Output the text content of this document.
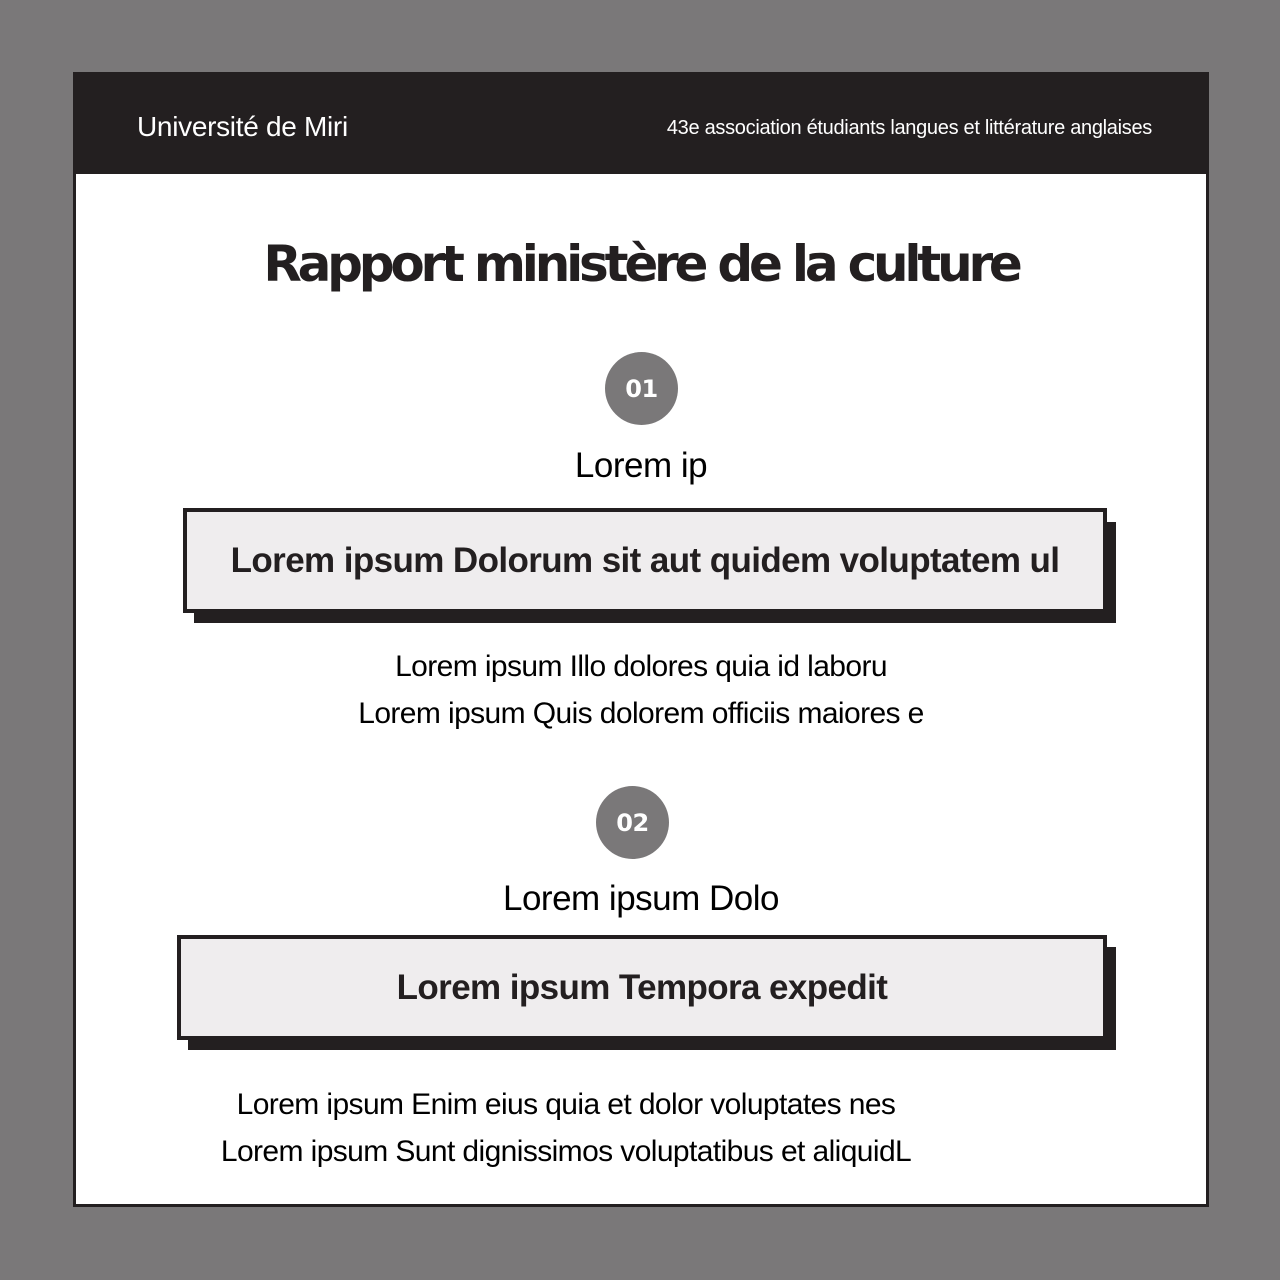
Université de Miri	43e association étudiants langues et littérature anglaises
Rapport ministère de la culture
01
Lorem ip
Lorem ipsum Dolorum sit aut quidem voluptatem ul
Lorem ipsum Illo dolores quia id laboru
Lorem ipsum Quis dolorem officiis maiores e
02
Lorem ipsum Dolo
Lorem ipsum Tempora expedit
Lorem ipsum Enim eius quia et dolor voluptates nes
Lorem ipsum Sunt dignissimos voluptatibus et aliquidL
